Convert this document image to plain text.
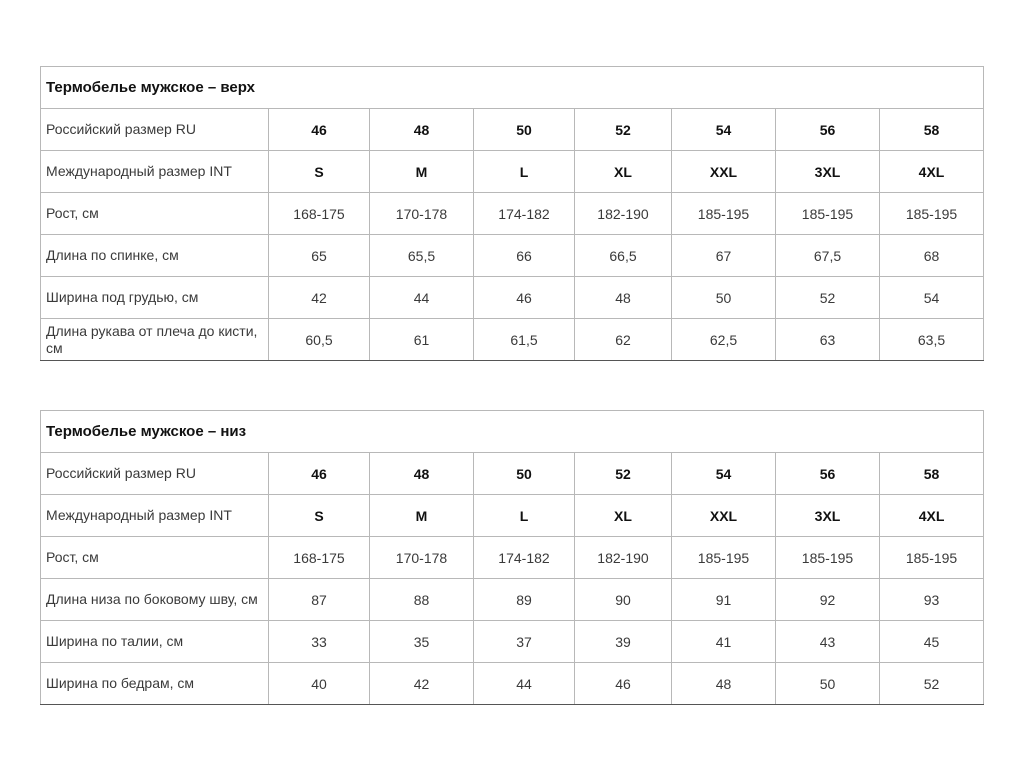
Термобелье мужское – верх							
Российский размер RU	46	48	50	52	54	56	58
Международный размер INT	S	M	L	XL	XXL	3XL	4XL
Рост, см	168-175	170-178	174-182	182-190	185-195	185-195	185-195
Длина по спинке, см	65	65,5	66	66,5	67	67,5	68
Ширина под грудью, см	42	44	46	48	50	52	54
Длина рукава от плеча до кисти, см	60,5	61	61,5	62	62,5	63	63,5
Термобелье мужское – низ							
Российский размер RU	46	48	50	52	54	56	58
Международный размер INT	S	M	L	XL	XXL	3XL	4XL
Рост, см	168-175	170-178	174-182	182-190	185-195	185-195	185-195
Длина низа по боковому шву, см	87	88	89	90	91	92	93
Ширина по талии, см	33	35	37	39	41	43	45
Ширина по бедрам, см	40	42	44	46	48	50	52
